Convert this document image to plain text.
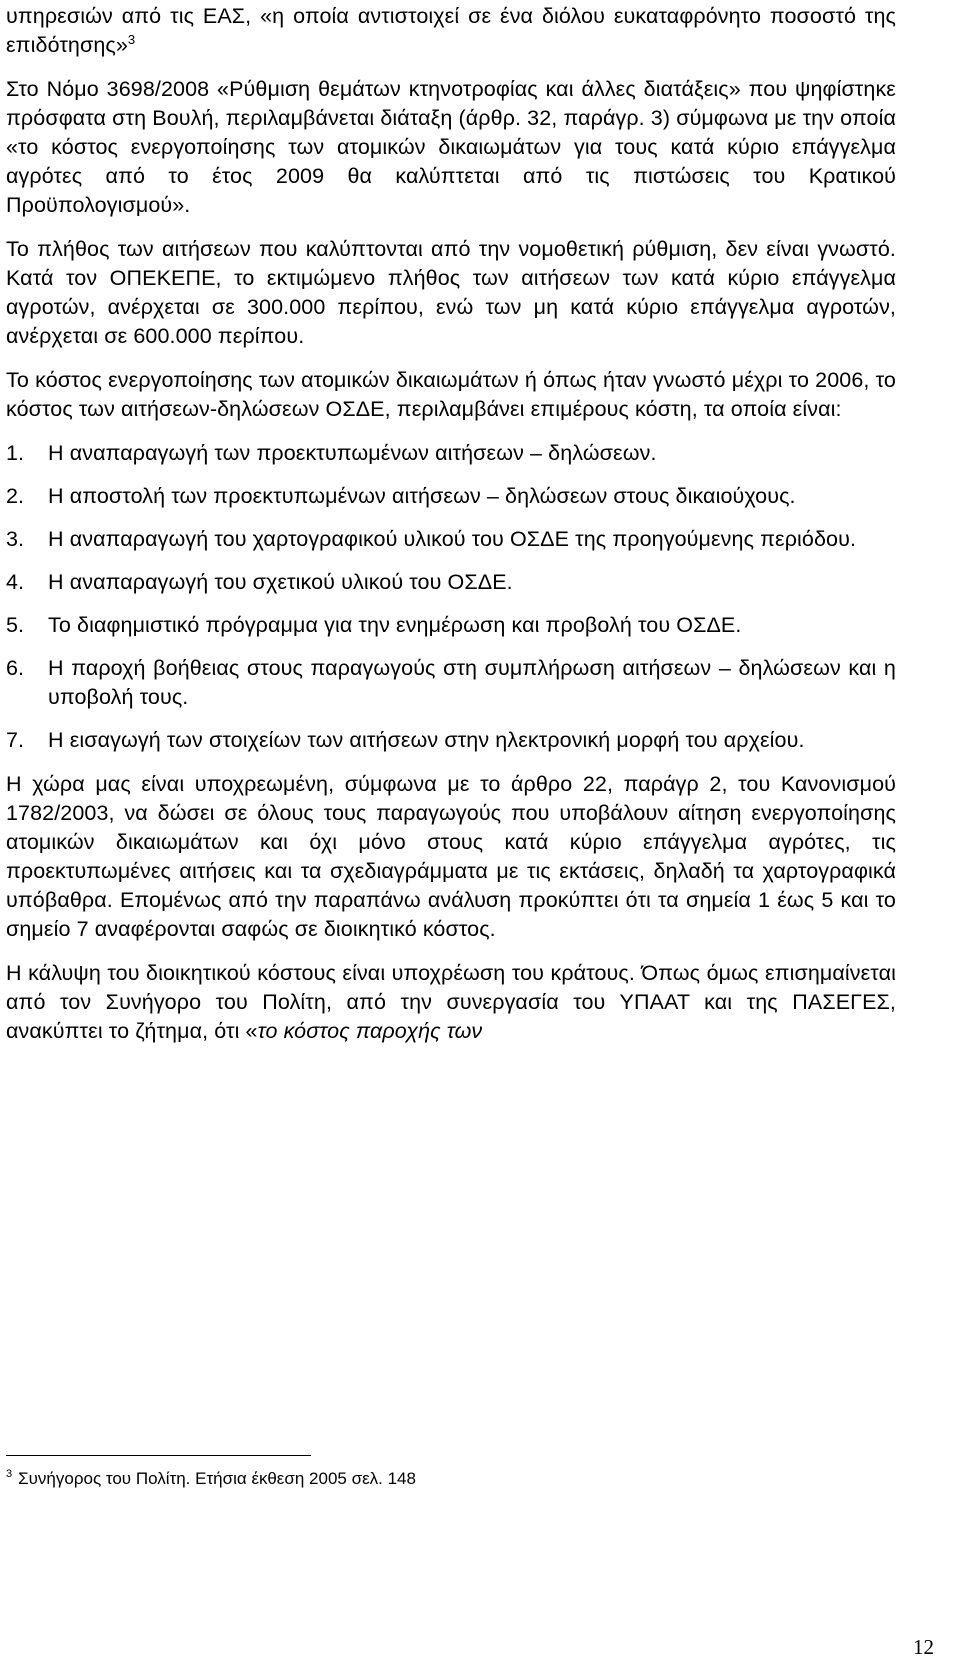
υπηρεσιών από τις ΕΑΣ, «η οποία αντιστοιχεί σε ένα διόλου ευκαταφρόνητο ποσοστό της επιδότησης»$^3$

Στο Νόμο 3698/2008 «Ρύθμιση θεμάτων κτηνοτροφίας και άλλες διατάξεις» που ψηφίστηκε πρόσφατα στη Βουλή, περιλαμβάνεται διάταξη (άρθρ. 32, παράγρ. 3) σύμφωνα με την οποία «το κόστος ενεργοποίησης των ατομικών δικαιωμάτων για τους κατά κύριο επάγγελμα αγρότες από το έτος 2009 θα καλύπτεται από τις πιστώσεις του Κρατικού Προϋπολογισμού».

Το πλήθος των αιτήσεων που καλύπτονται από την νομοθετική ρύθμιση, δεν είναι γνωστό. Κατά τον ΟΠΕΚΕΠΕ, το εκτιμώμενο πλήθος των αιτήσεων των κατά κύριο επάγγελμα αγροτών, ανέρχεται σε 300.000 περίπου, ενώ των μη κατά κύριο επάγγελμα αγροτών, ανέρχεται σε 600.000 περίπου.

Το κόστος ενεργοποίησης των ατομικών δικαιωμάτων ή όπως ήταν γνωστό μέχρι το 2006, το κόστος των αιτήσεων-δηλώσεων ΟΣΔΕ, περιλαμβάνει επιμέρους κόστη, τα οποία είναι:

1.	Η αναπαραγωγή των προεκτυπωμένων αιτήσεων – δηλώσεων.
2.	Η αποστολή των προεκτυπωμένων αιτήσεων – δηλώσεων στους δικαιούχους.
3.	Η αναπαραγωγή του χαρτογραφικού υλικού του ΟΣΔΕ της προηγούμενης περιόδου.
4.	Η αναπαραγωγή του σχετικού υλικού του ΟΣΔΕ.
5.	Το διαφημιστικό πρόγραμμα για την ενημέρωση και προβολή του ΟΣΔΕ.
6.	Η παροχή βοήθειας στους παραγωγούς στη συμπλήρωση αιτήσεων – δηλώσεων και η υποβολή τους.
7.	Η εισαγωγή των στοιχείων των αιτήσεων στην ηλεκτρονική μορφή του αρχείου.

Η χώρα μας είναι υποχρεωμένη, σύμφωνα με το άρθρο 22, παράγρ 2, του Κανονισμού 1782/2003, να δώσει σε όλους τους παραγωγούς που υποβάλουν αίτηση ενεργοποίησης ατομικών δικαιωμάτων και όχι μόνο στους κατά κύριο επάγγελμα αγρότες, τις προεκτυπωμένες αιτήσεις και τα σχεδιαγράμματα με τις εκτάσεις, δηλαδή τα χαρτογραφικά υπόβαθρα. Επομένως από την παραπάνω ανάλυση προκύπτει ότι τα σημεία 1 έως 5 και το σημείο 7 αναφέρονται σαφώς σε διοικητικό κόστος.

Η κάλυψη του διοικητικού κόστους είναι υποχρέωση του κράτους. Όπως όμως επισημαίνεται από τον Συνήγορο του Πολίτη, από την συνεργασία του ΥΠΑΑΤ και της ΠΑΣΕΓΕΣ, ανακύπτει το ζήτημα, ότι «το κόστος παροχής των

$^3$ Συνήγορος του Πολίτη. Ετήσια έκθεση 2005 σελ. 148
12
